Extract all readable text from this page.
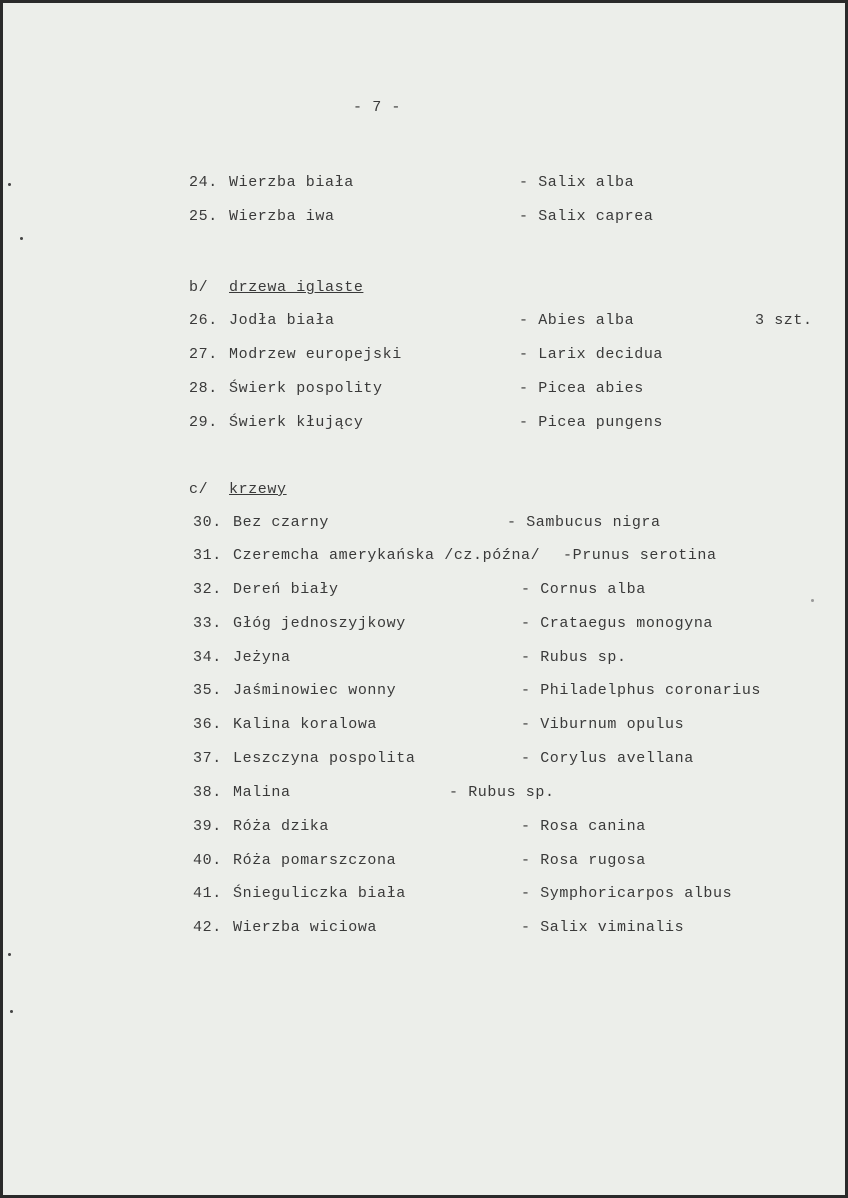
- 7 -
24. Wierzba biała	- Salix alba
25. Wierzba iwa	- Salix caprea
b/ drzewa iglaste
26. Jodła biała	- Abies alba	3 szt.
27. Modrzew europejski	- Larix decidua
28. Świerk pospolity	- Picea abies
29. Świerk kłujący	- Picea pungens
c/ krzewy
30. Bez czarny	- Sambucus nigra
31. Czeremcha amerykańska /cz.późna/ -Prunus serotina
32. Dereń biały	- Cornus alba
33. Głóg jednoszyjkowy	- Crataegus monogyna
34. Jeżyna	- Rubus sp.
35. Jaśminowiec wonny	- Philadelphus coronarius
36. Kalina koralowa	- Viburnum opulus
37. Leszczyna pospolita	- Corylus avellana
38. Malina	- Rubus sp.
39. Róża dzika	- Rosa canina
40. Róża pomarszczona	- Rosa rugosa
41. Śnieguliczka biała	- Symphoricarpos albus
42. Wierzba wiciowa	- Salix viminalis
